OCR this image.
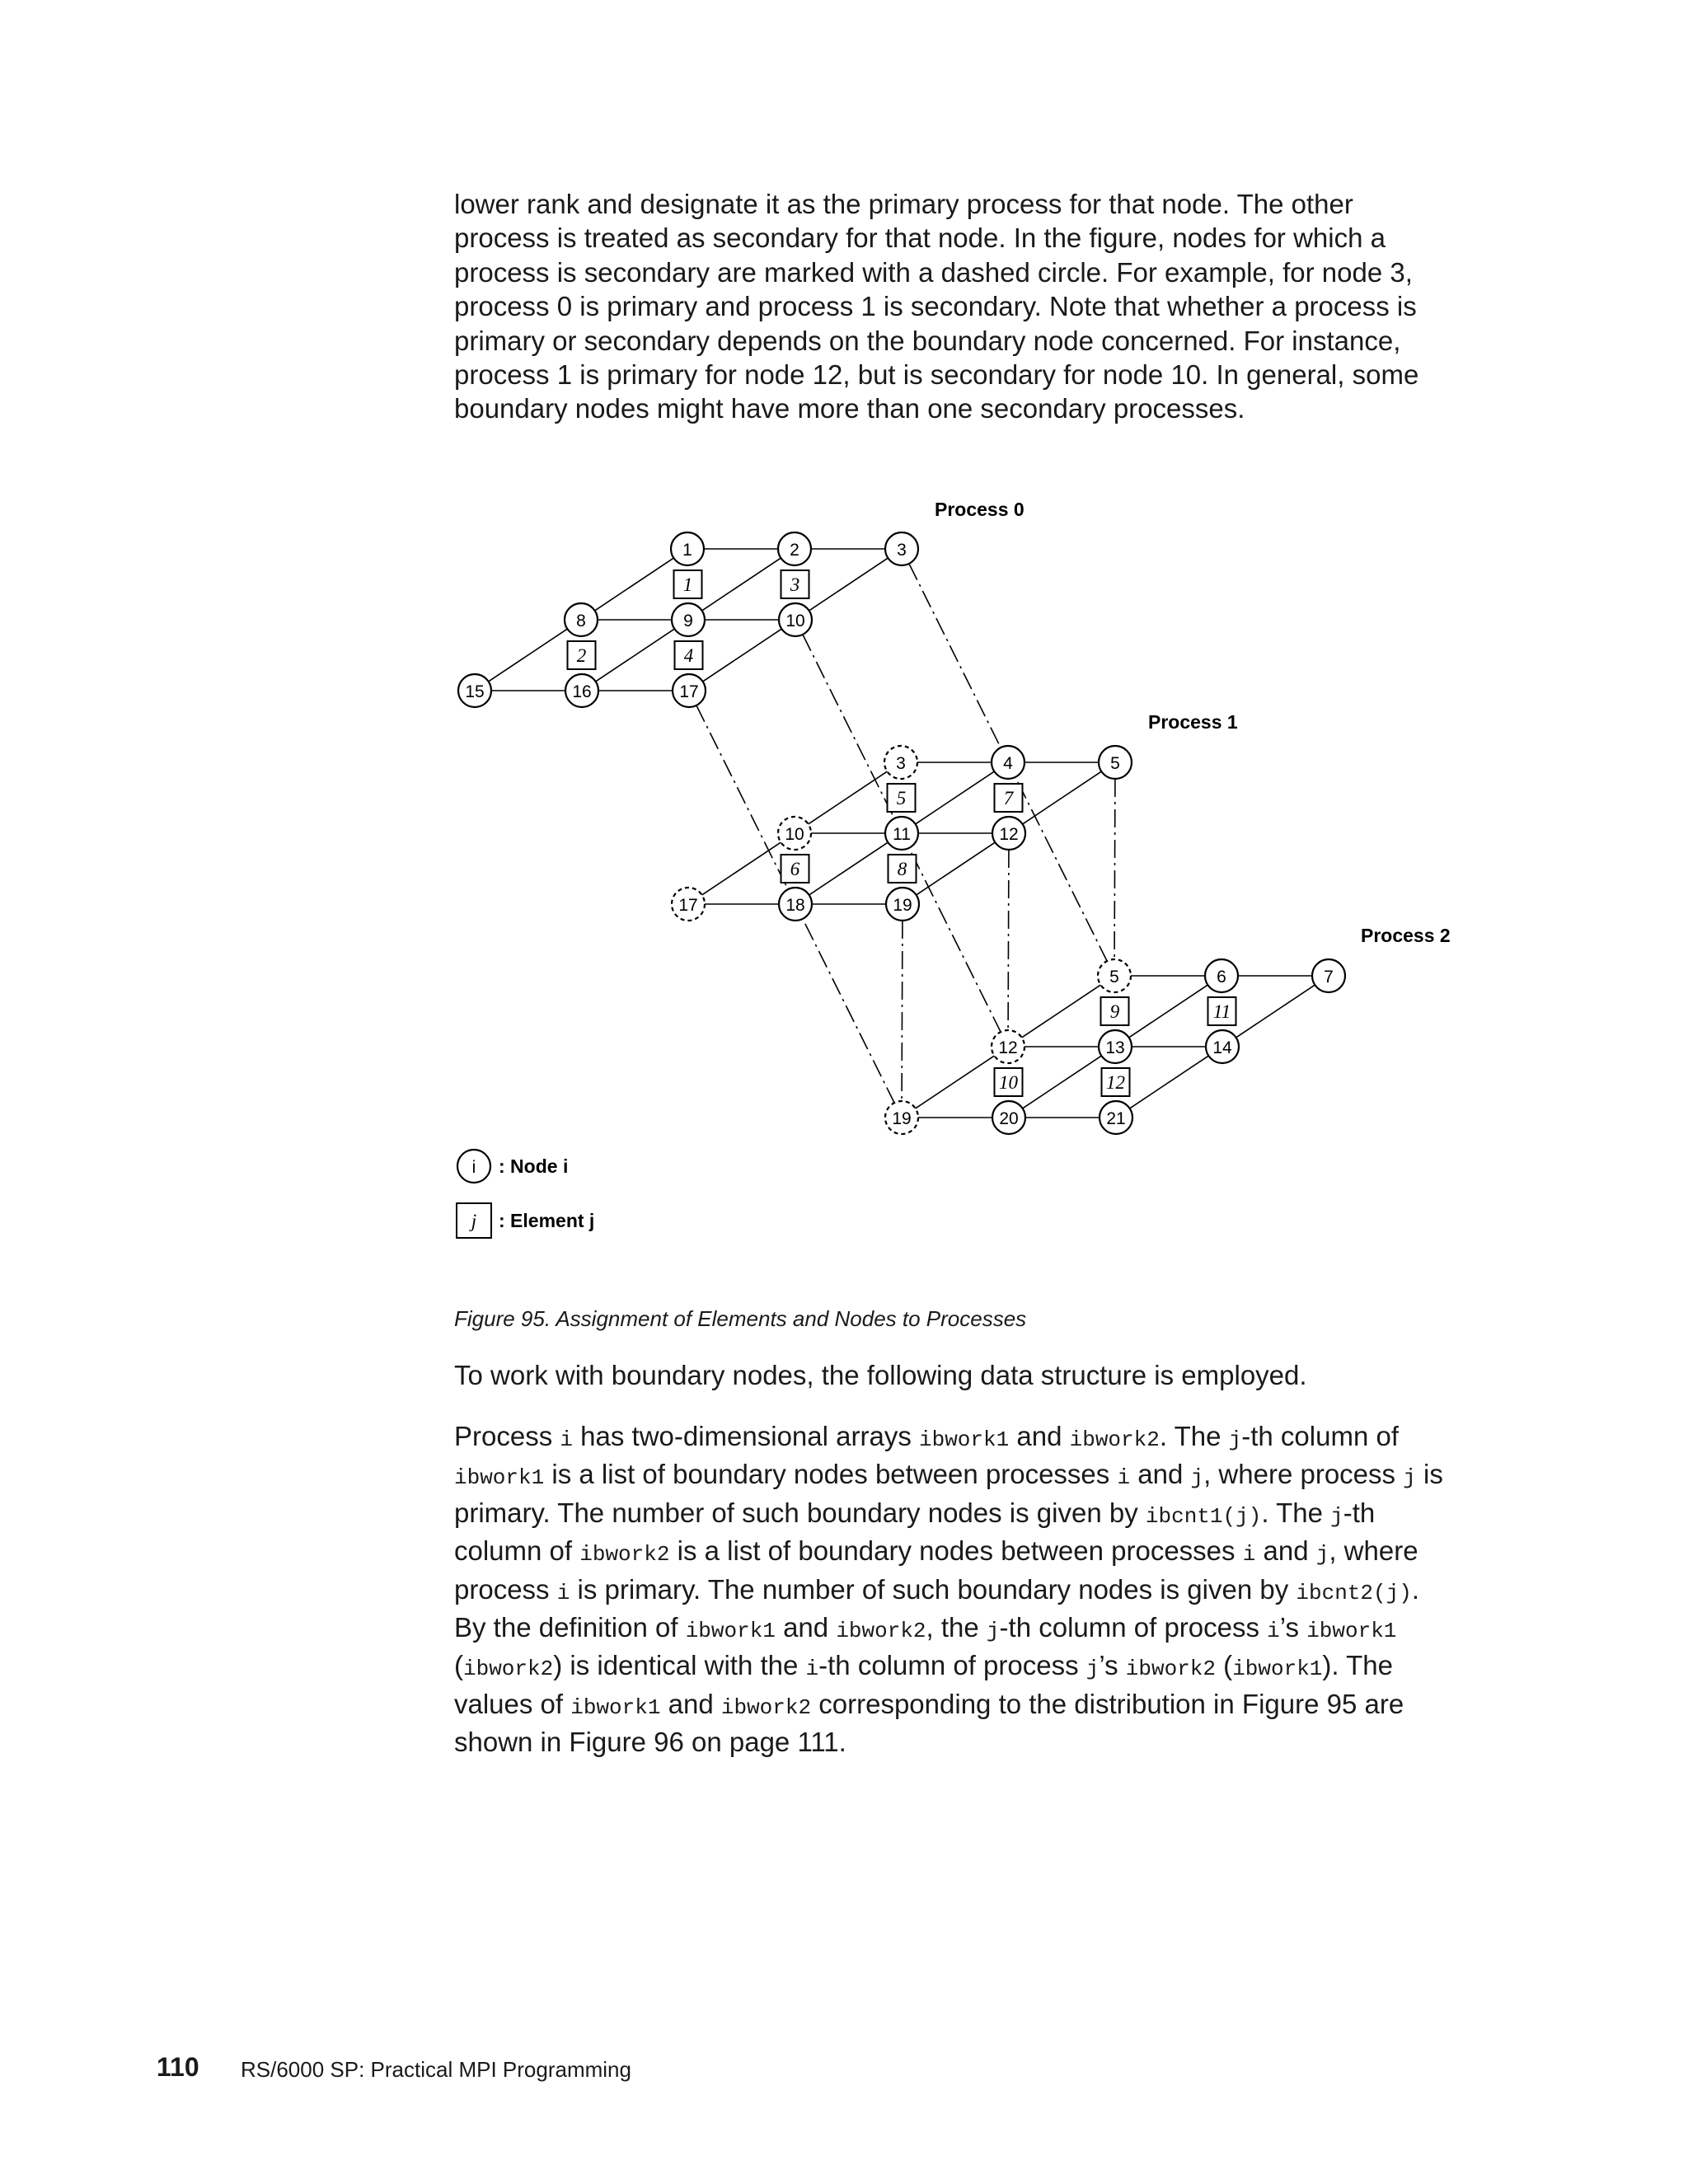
lower rank and designate it as the primary process for that node. The other
process is treated as secondary for that node. In the figure, nodes for which a
process is secondary are marked with a dashed circle. For example, for node 3,
process 0 is primary and process 1 is secondary. Note that whether a process is
primary or secondary depends on the boundary node concerned. For instance,
process 1 is primary for node 12, but is secondary for node 10. In general, some
boundary nodes might have more than one secondary processes.

1	3
2	4
5	7
6	8
9	11
10	12
1	2	3
8	9	10
15	16	17
3	4	5
10	11	12
17	18	19
5	6	7
12	13	14
19	20	21
Process 0
Process 1
Process 2
i : Node i
j : Element j

Figure 95. Assignment of Elements and Nodes to Processes

To work with boundary nodes, the following data structure is employed.

Process i has two-dimensional arrays ibwork1 and ibwork2. The j-th column of
ibwork1 is a list of boundary nodes between processes i and j, where process j is
primary. The number of such boundary nodes is given by ibcnt1(j). The j-th
column of ibwork2 is a list of boundary nodes between processes i and j, where
process i is primary. The number of such boundary nodes is given by ibcnt2(j).
By the definition of ibwork1 and ibwork2, the j-th column of process i’s ibwork1
(ibwork2) is identical with the i-th column of process j’s ibwork2 (ibwork1). The
values of ibwork1 and ibwork2 corresponding to the distribution in Figure 95 are
shown in Figure 96 on page 111.

110 RS/6000 SP: Practical MPI Programming
